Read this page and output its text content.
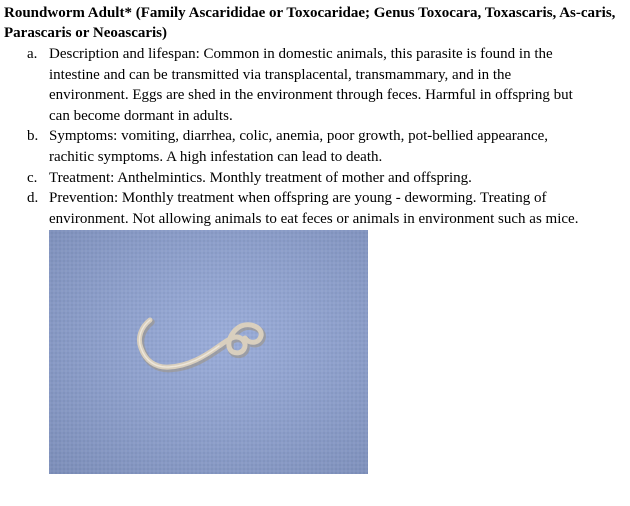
Roundworm Adult* (Family Ascarididae or Toxocaridae; Genus Toxocara, Toxascaris, As-caris, Parascaris or Neoascaris)
a. Description and lifespan: Common in domestic animals, this parasite is found in the intestine and can be transmitted via transplacental, transmammary, and in the environment. Eggs are shed in the environment through feces. Harmful in offspring but can become dormant in adults.
b. Symptoms: vomiting, diarrhea, colic, anemia, poor growth, pot-bellied appearance, rachitic symptoms. A high infestation can lead to death.
c. Treatment: Anthelmintics. Monthly treatment of mother and offspring.
d. Prevention: Monthly treatment when offspring are young - deworming. Treating of environment. Not allowing animals to eat feces or animals in environment such as mice.
